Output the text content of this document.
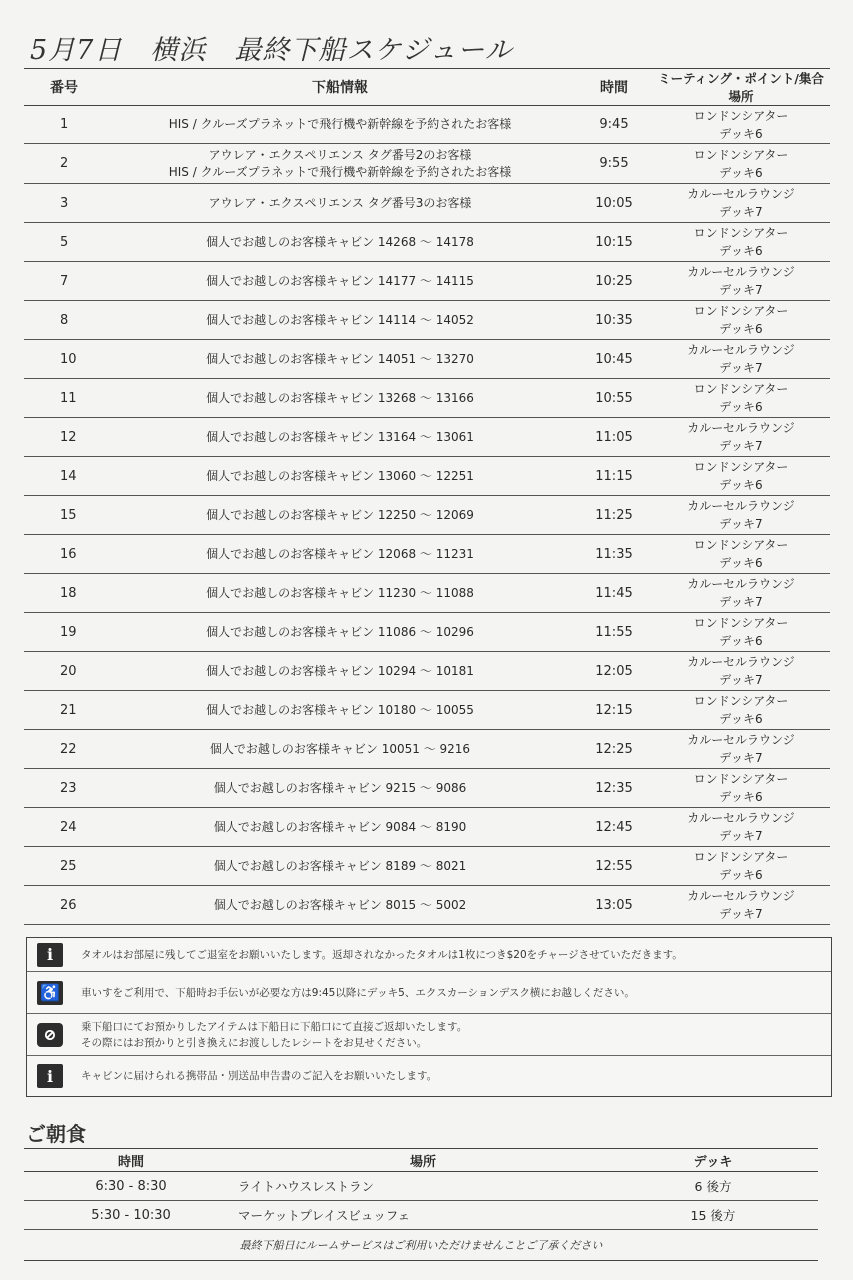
5月7日　横浜　最終下船スケジュール
番号	下船情報	時間	ミーティング・ポイント/集合場所
1	HIS / クルーズプラネットで飛行機や新幹線を予約されたお客様	9:45	ロンドンシアター
デッキ6

2	アウレア・エクスペリエンス タグ番号2のお客様
HIS / クルーズプラネットで飛行機や新幹線を予約されたお客様	9:55	ロンドンシアター
デッキ6

3	アウレア・エクスペリエンス タグ番号3のお客様	10:05	カルーセルラウンジ
デッキ7

5	個人でお越しのお客様キャビン 14268 ～ 14178	10:15	ロンドンシアター
デッキ6

7	個人でお越しのお客様キャビン 14177 ～ 14115	10:25	カルーセルラウンジ
デッキ7

8	個人でお越しのお客様キャビン 14114 ～ 14052	10:35	ロンドンシアター
デッキ6

10	個人でお越しのお客様キャビン 14051 ～ 13270	10:45	カルーセルラウンジ
デッキ7

11	個人でお越しのお客様キャビン 13268 ～ 13166	10:55	ロンドンシアター
デッキ6

12	個人でお越しのお客様キャビン 13164 ～ 13061	11:05	カルーセルラウンジ
デッキ7

14	個人でお越しのお客様キャビン 13060 ～ 12251	11:15	ロンドンシアター
デッキ6

15	個人でお越しのお客様キャビン 12250 ～ 12069	11:25	カルーセルラウンジ
デッキ7

16	個人でお越しのお客様キャビン 12068 ～ 11231	11:35	ロンドンシアター
デッキ6

18	個人でお越しのお客様キャビン 11230 ～ 11088	11:45	カルーセルラウンジ
デッキ7

19	個人でお越しのお客様キャビン 11086 ～ 10296	11:55	ロンドンシアター
デッキ6

20	個人でお越しのお客様キャビン 10294 ～ 10181	12:05	カルーセルラウンジ
デッキ7

21	個人でお越しのお客様キャビン 10180 ～ 10055	12:15	ロンドンシアター
デッキ6

22	個人でお越しのお客様キャビン 10051 ～ 9216	12:25	カルーセルラウンジ
デッキ7

23	個人でお越しのお客様キャビン 9215 ～ 9086	12:35	ロンドンシアター
デッキ6

24	個人でお越しのお客様キャビン 9084 ～ 8190	12:45	カルーセルラウンジ
デッキ7

25	個人でお越しのお客様キャビン 8189 ～ 8021	12:55	ロンドンシアター
デッキ6

26	個人でお越しのお客様キャビン 8015 ～ 5002	13:05	カルーセルラウンジ
デッキ7
i	タオルはお部屋に残してご退室をお願いいたします。返却されなかったタオルは1枚につき$20をチャージさせていただきます。
♿ 車いすをご利用で、下船時お手伝いが必要な方は9:45以降にデッキ5、エクスカーションデスク横にお越しください。
⊘	乗下船口にてお預かりしたアイテムは下船日に下船口にて直接ご返却いたします。
その際にはお預かりと引き換えにお渡ししたレシートをお見せください。
i	キャビンに届けられる携帯品・別送品申告書のご記入をお願いいたします。
ご朝食
時間	場所	デッキ
6:30 - 8:30	ライトハウスレストラン	6 後方
5:30 - 10:30	マーケットプレイスビュッフェ	15 後方
最終下船日にルームサービスはご利用いただけませんことご了承ください		
